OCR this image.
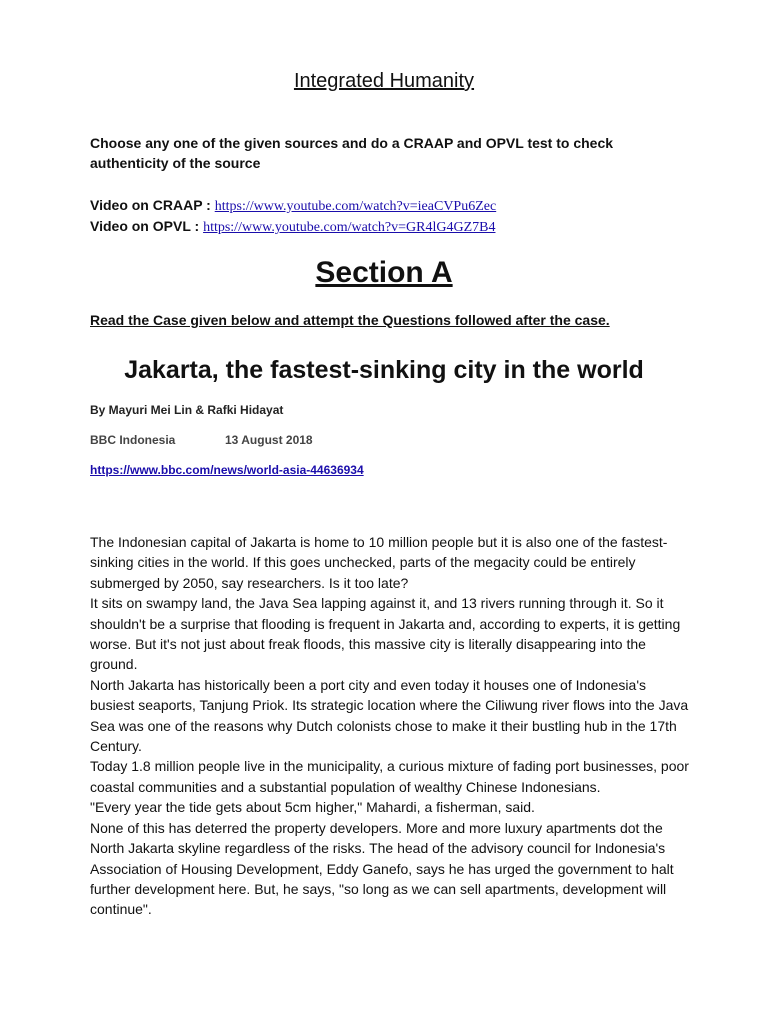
Integrated Humanity
Choose any one of the given sources and do a CRAAP and OPVL test to check authenticity of the source
Video on CRAAP : https://www.youtube.com/watch?v=ieaCVPu6Zec
Video on OPVL : https://www.youtube.com/watch?v=GR4lG4GZ7B4
Section A
Read the Case given below and attempt the Questions followed after the case.
Jakarta, the fastest-sinking city in the world
By Mayuri Mei Lin & Rafki Hidayat
BBC Indonesia	13 August 2018
https://www.bbc.com/news/world-asia-44636934

The Indonesian capital of Jakarta is home to 10 million people but it is also one of the fastest-sinking cities in the world. If this goes unchecked, parts of the megacity could be entirely submerged by 2050, say researchers. Is it too late?

It sits on swampy land, the Java Sea lapping against it, and 13 rivers running through it. So it shouldn't be a surprise that flooding is frequent in Jakarta and, according to experts, it is getting worse. But it's not just about freak floods, this massive city is literally disappearing into the ground.

North Jakarta has historically been a port city and even today it houses one of Indonesia's busiest seaports, Tanjung Priok. Its strategic location where the Ciliwung river flows into the Java Sea was one of the reasons why Dutch colonists chose to make it their bustling hub in the 17th Century.

Today 1.8 million people live in the municipality, a curious mixture of fading port businesses, poor coastal communities and a substantial population of wealthy Chinese Indonesians.

"Every year the tide gets about 5cm higher," Mahardi, a fisherman, said.

None of this has deterred the property developers. More and more luxury apartments dot the North Jakarta skyline regardless of the risks. The head of the advisory council for Indonesia's Association of Housing Development, Eddy Ganefo, says he has urged the government to halt further development here. But, he says, "so long as we can sell apartments, development will continue".
